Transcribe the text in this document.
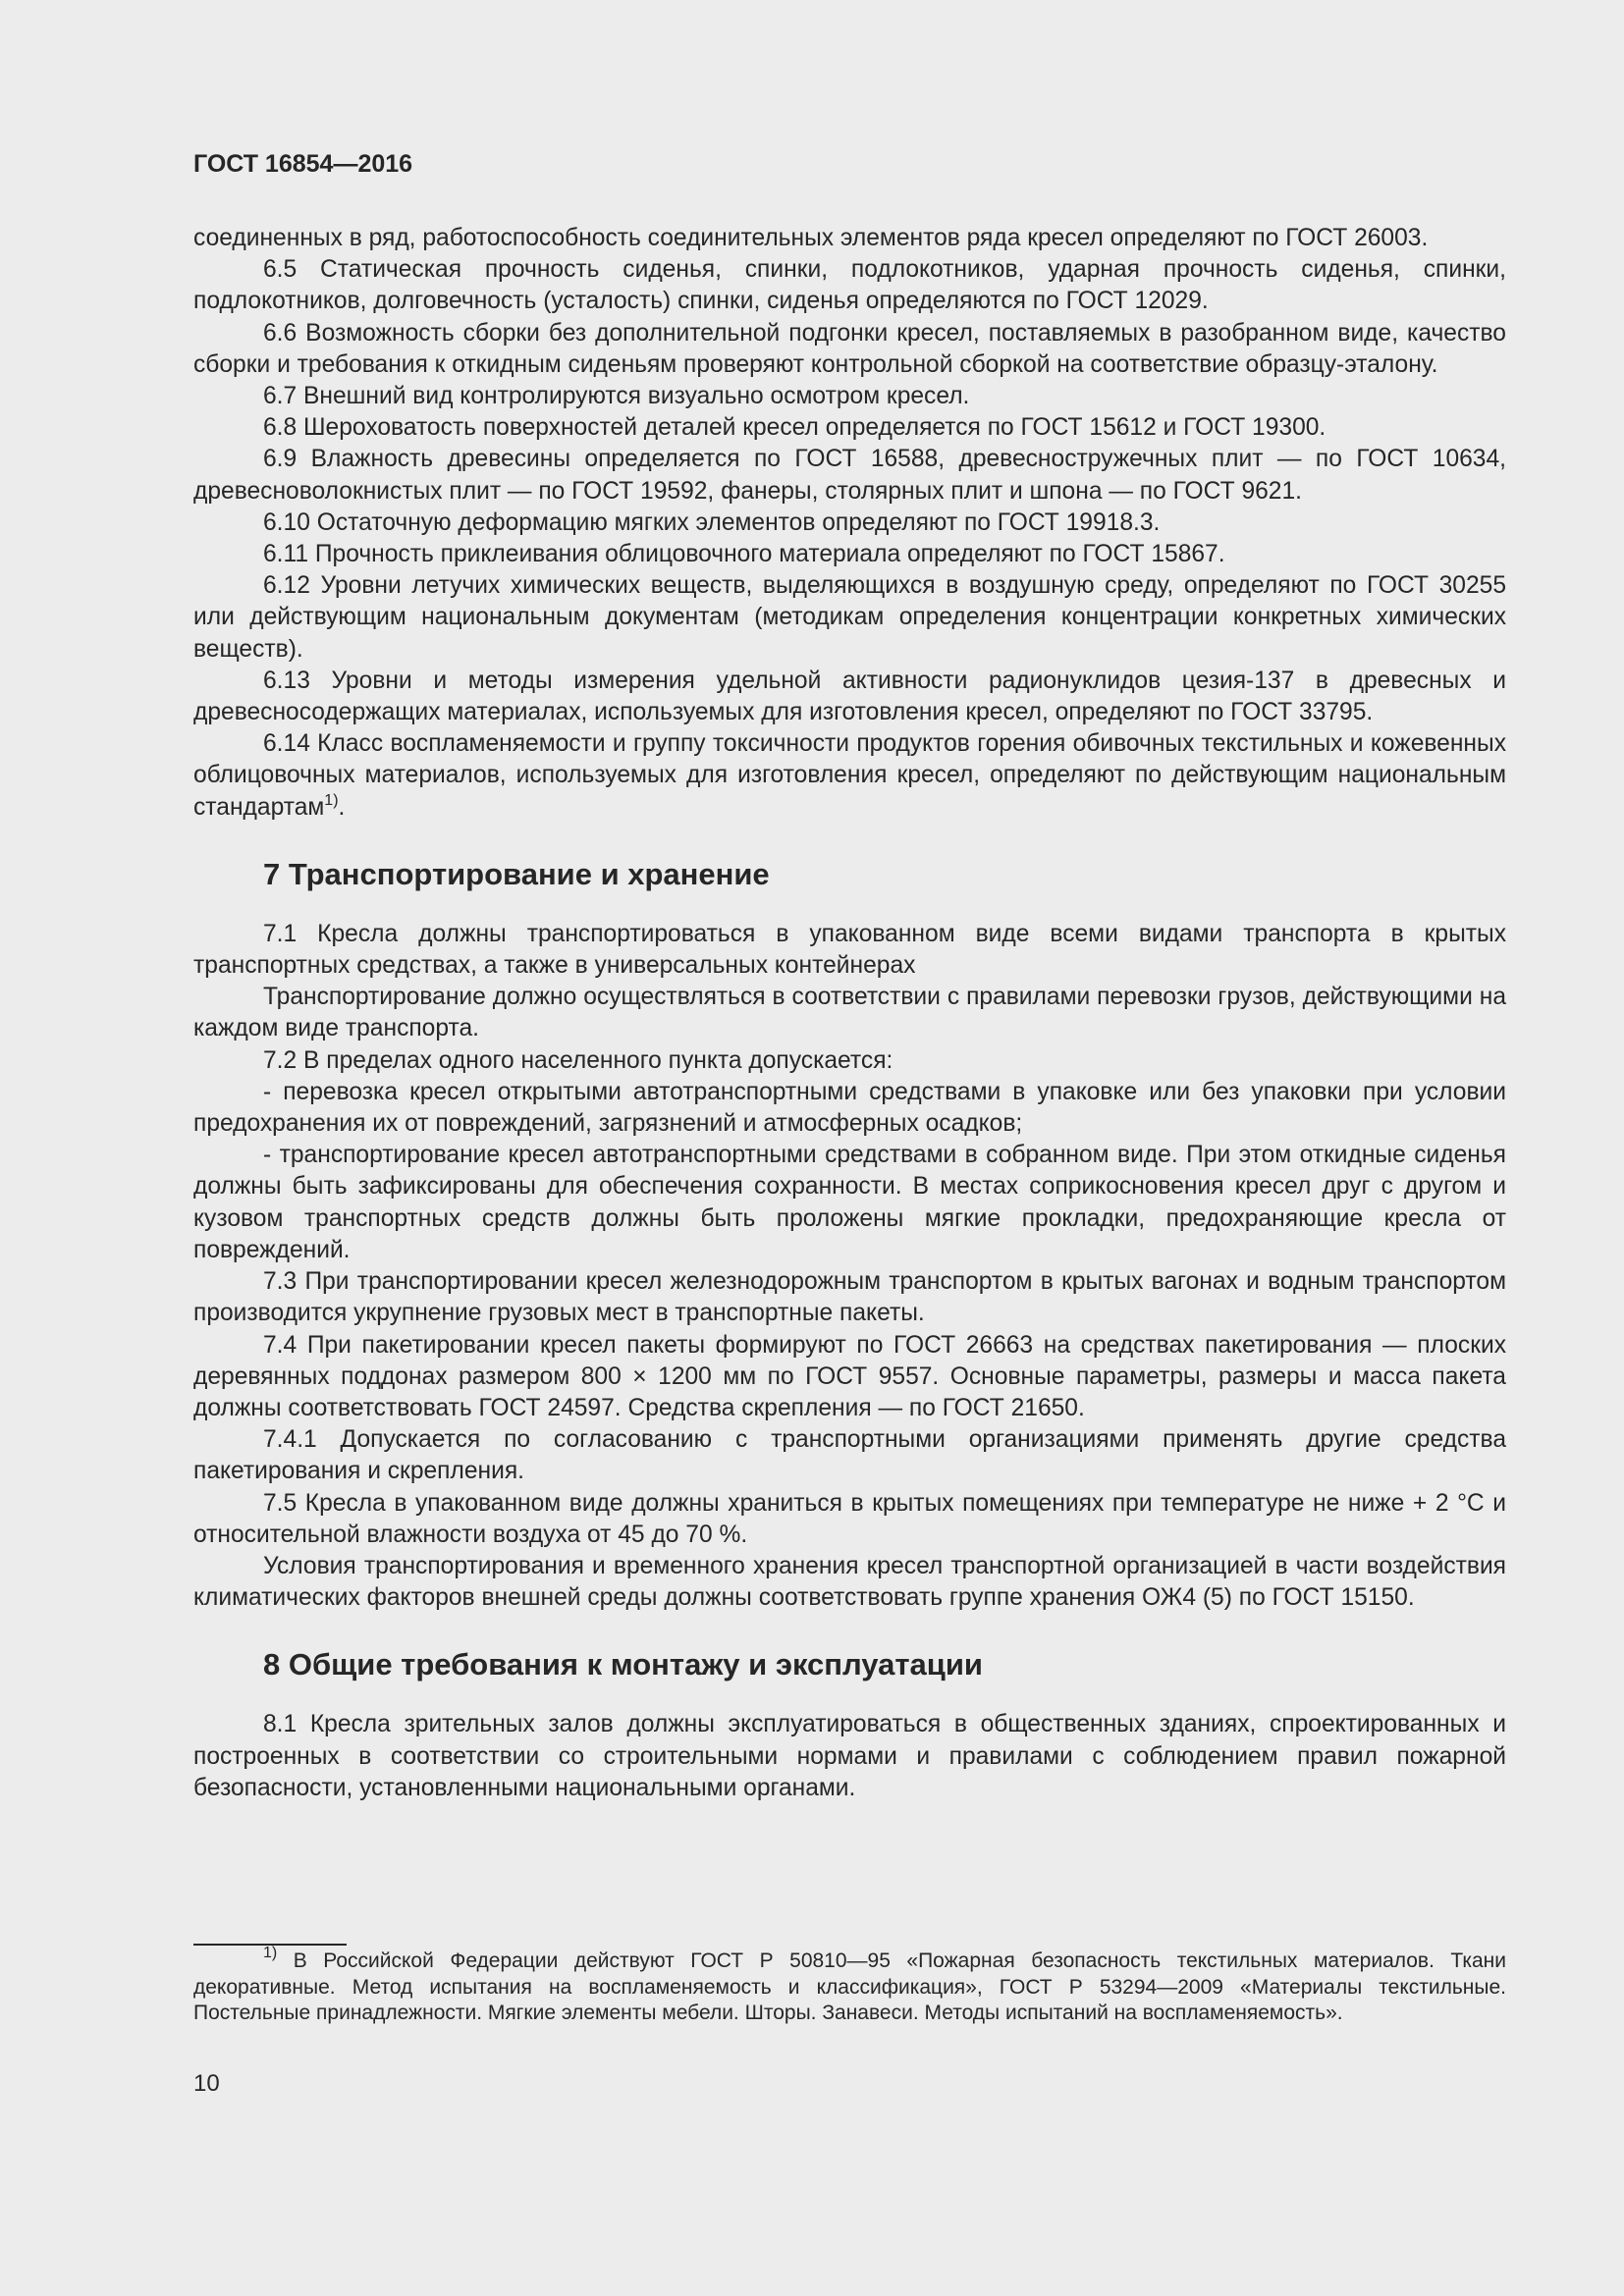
ГОСТ 16854—2016

соединенных в ряд, работоспособность соединительных элементов ряда кресел определяют по ГОСТ 26003.

6.5 Статическая прочность сиденья, спинки, подлокотников, ударная прочность сиденья, спинки, подлокотников, долговечность (усталость) спинки, сиденья определяются по ГОСТ 12029.

6.6 Возможность сборки без дополнительной подгонки кресел, поставляемых в разобранном виде, качество сборки и требования к откидным сиденьям проверяют контрольной сборкой на соответствие образцу-эталону.

6.7 Внешний вид контролируются визуально осмотром кресел.

6.8 Шероховатость поверхностей деталей кресел определяется по ГОСТ 15612 и ГОСТ 19300.

6.9 Влажность древесины определяется по ГОСТ 16588, древесностружечных плит — по ГОСТ 10634, древесноволокнистых плит — по ГОСТ 19592, фанеры, столярных плит и шпона — по ГОСТ 9621.

6.10 Остаточную деформацию мягких элементов определяют по ГОСТ 19918.3.

6.11 Прочность приклеивания облицовочного материала определяют по ГОСТ 15867.

6.12 Уровни летучих химических веществ, выделяющихся в воздушную среду, определяют по ГОСТ 30255 или действующим национальным документам (методикам определения концентрации конкретных химических веществ).

6.13 Уровни и методы измерения удельной активности радионуклидов цезия-137 в древесных и древесносодержащих материалах, используемых для изготовления кресел, определяют по ГОСТ 33795.

6.14 Класс воспламеняемости и группу токсичности продуктов горения обивочных текстильных и кожевенных облицовочных материалов, используемых для изготовления кресел, определяют по действующим национальным стандартам$^{1)}$.

7 Транспортирование и хранение

7.1 Кресла должны транспортироваться в упакованном виде всеми видами транспорта в крытых транспортных средствах, а также в универсальных контейнерах

Транспортирование должно осуществляться в соответствии с правилами перевозки грузов, действующими на каждом виде транспорта.

7.2 В пределах одного населенного пункта допускается:

- перевозка кресел открытыми автотранспортными средствами в упаковке или без упаковки при условии предохранения их от повреждений, загрязнений и атмосферных осадков;

- транспортирование кресел автотранспортными средствами в собранном виде. При этом откидные сиденья должны быть зафиксированы для обеспечения сохранности. В местах соприкосновения кресел друг с другом и кузовом транспортных средств должны быть проложены мягкие прокладки, предохраняющие кресла от повреждений.

7.3 При транспортировании кресел железнодорожным транспортом в крытых вагонах и водным транспортом производится укрупнение грузовых мест в транспортные пакеты.

7.4 При пакетировании кресел пакеты формируют по ГОСТ 26663 на средствах пакетирования — плоских деревянных поддонах размером 800 × 1200 мм по ГОСТ 9557. Основные параметры, размеры и масса пакета должны соответствовать ГОСТ 24597. Средства скрепления — по ГОСТ 21650.

7.4.1 Допускается по согласованию с транспортными организациями применять другие средства пакетирования и скрепления.

7.5 Кресла в упакованном виде должны храниться в крытых помещениях при температуре не ниже + 2 °С и относительной влажности воздуха от 45 до 70 %.

Условия транспортирования и временного хранения кресел транспортной организацией в части воздействия климатических факторов внешней среды должны соответствовать группе хранения ОЖ4 (5) по ГОСТ 15150.

8 Общие требования к монтажу и эксплуатации

8.1 Кресла зрительных залов должны эксплуатироваться в общественных зданиях, спроектированных и построенных в соответствии со строительными нормами и правилами с соблюдением правил пожарной безопасности, установленными национальными органами.

$^{1)}$ В Российской Федерации действуют ГОСТ Р 50810—95 «Пожарная безопасность текстильных материалов. Ткани декоративные. Метод испытания на воспламеняемость и классификация», ГОСТ Р 53294—2009 «Материалы текстильные. Постельные принадлежности. Мягкие элементы мебели. Шторы. Занавеси. Методы испытаний на воспламеняемость».

10
